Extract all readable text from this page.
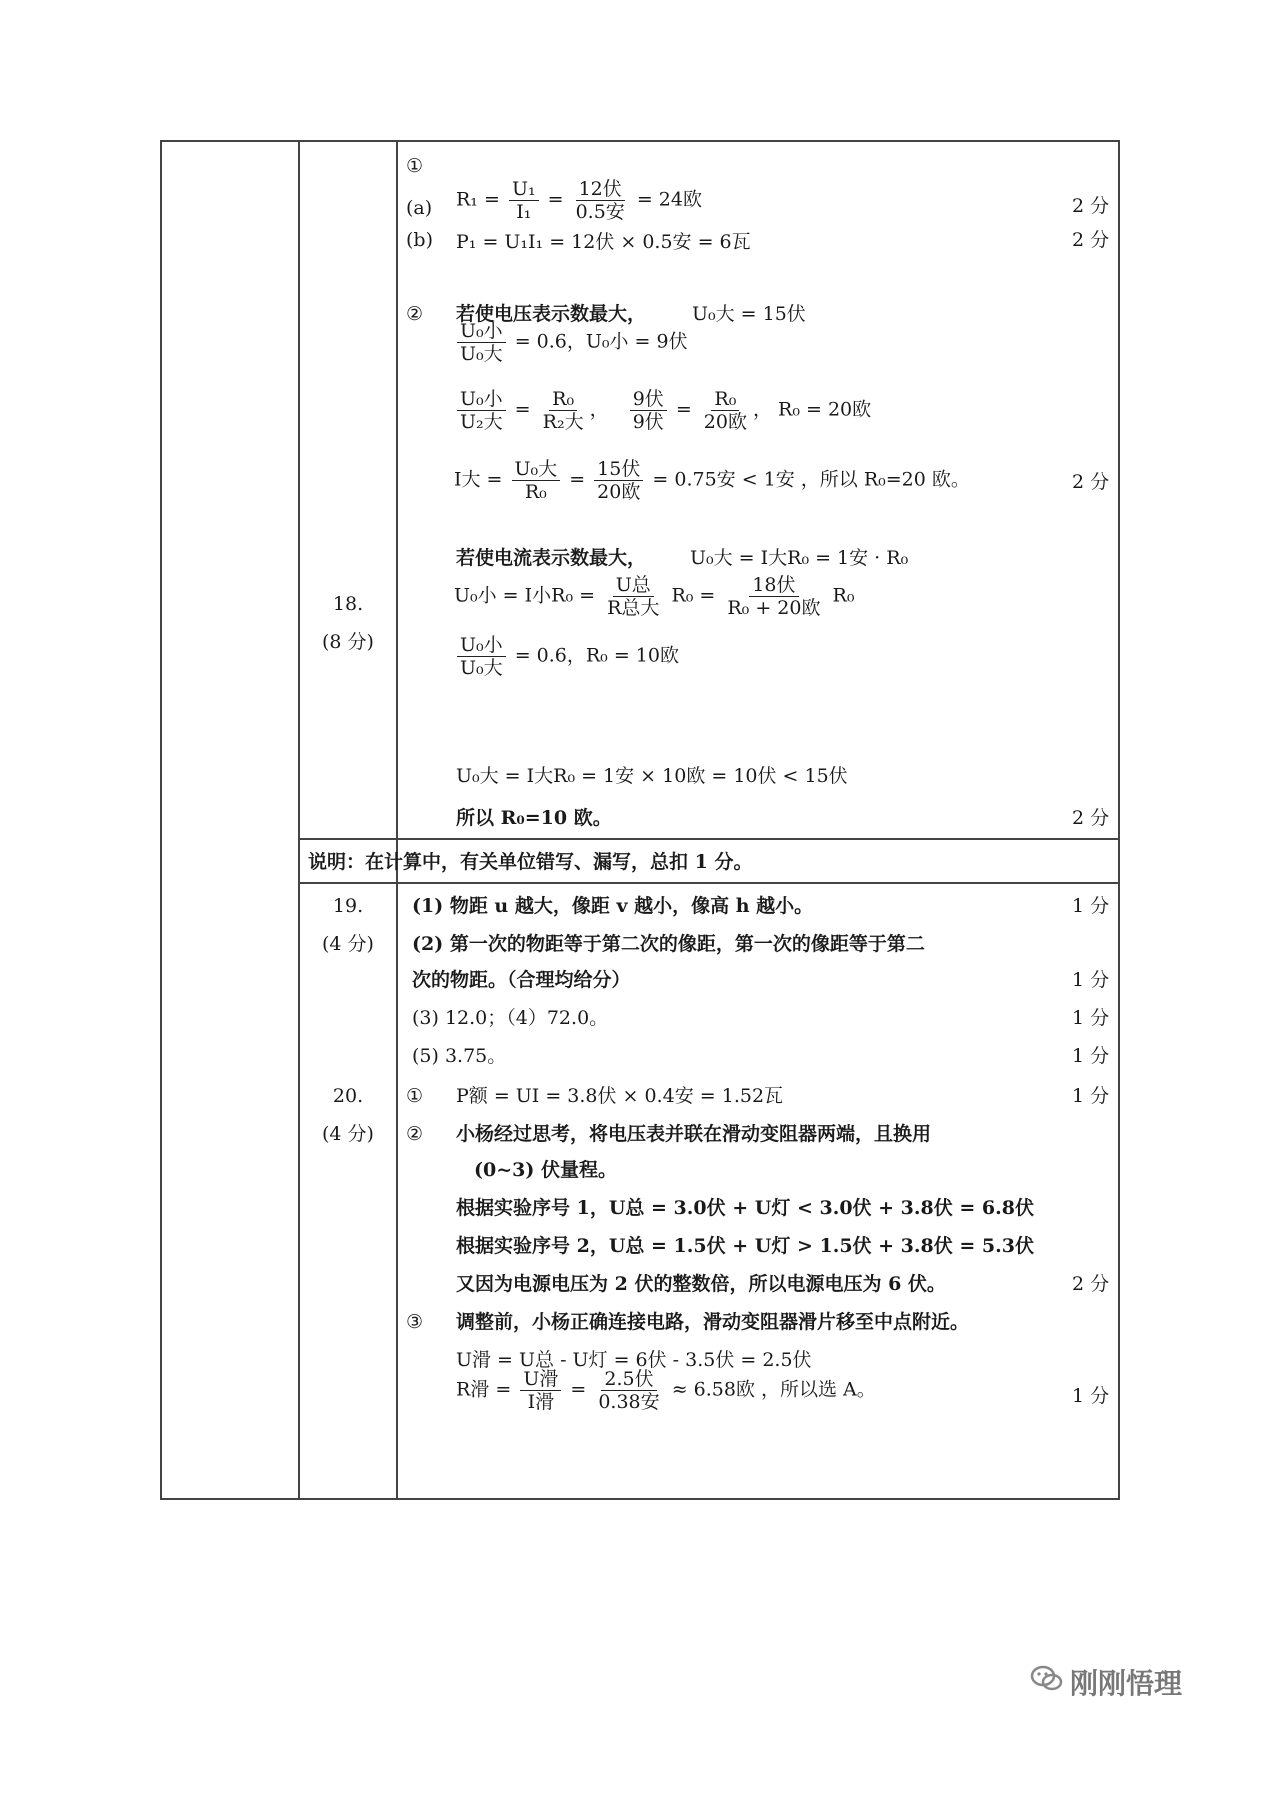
18.
(8 分)
①
(a) $R_1 = \frac{\text{U₁}}{\text{I₁}} = \frac{\text{12伏}}{\text{0.5安}} = 24$欧	2 分
(b) P₁ = U₁I₁ = 12伏 × 0.5安 = 6瓦	2 分
② 若使电压表示数最大， U₀大 = 15伏
$\frac{\text{U₀小}}{\text{U₀大}} = 0.6$，U₀小 = 9伏
$\frac{\text{U₀小}}{\text{U₂大}} = \frac{\text{R₀}}{\text{R₂大}}$ ， $\frac{\text{9伏}}{\text{9伏}} = \frac{\text{R₀}}{\text{20欧}}$ ， R₀ = 20欧
I大 = $\frac{\text{U₀大}}{\text{R₀}} = \frac{\text{15伏}}{\text{20欧}} = 0.75$安 < 1安 ，所以 R₀=20 欧。	2 分
若使电流表示数最大， U₀大 = I大R₀ = 1安 · R₀
U₀小 = I小$R_0 = \frac{\text{U总}}{\text{R总大}} R_0 = \frac{\text{18伏}}{\text{R₀ + 20欧}} R_0$
$\frac{\text{U₀小}}{\text{U₀大}} = 0.6$，R₀ = 10欧
U₀大 = I大R₀ = 1安 × 10欧 = 10伏 < 15伏
所以 R₀=10 欧。	2 分
说明：在计算中，有关单位错写、漏写，总扣 1 分。
19.
(4 分)
(1) 物距 u 越大，像距 v 越小，像高 h 越小。	1 分
(2) 第一次的物距等于第二次的像距，第一次的像距等于第二
次的物距。（合理均给分）	1 分
(3) 12.0；（4）72.0。	1 分
(5) 3.75。	1 分
20.
(4 分)
① P额 = UI = 3.8伏 × 0.4安 = 1.52瓦	1 分
② 小杨经过思考，将电压表并联在滑动变阻器两端，且换用
(0~3) 伏量程。
根据实验序号 1，U总 = 3.0伏 + U灯 < 3.0伏 + 3.8伏 = 6.8伏
根据实验序号 2，U总 = 1.5伏 + U灯 > 1.5伏 + 3.8伏 = 5.3伏
又因为电源电压为 2 伏的整数倍，所以电源电压为 6 伏。	2 分
③ 调整前，小杨正确连接电路，滑动变阻器滑片移至中点附近。
U滑 = U总 - U灯 = 6伏 - 3.5伏 = 2.5伏
R滑 = $\frac{\text{U滑}}{\text{I滑}} = \frac{\text{2.5伏}}{\text{0.38安}} \approx 6.58$欧 ，所以选 A。	1 分
刚刚悟理
